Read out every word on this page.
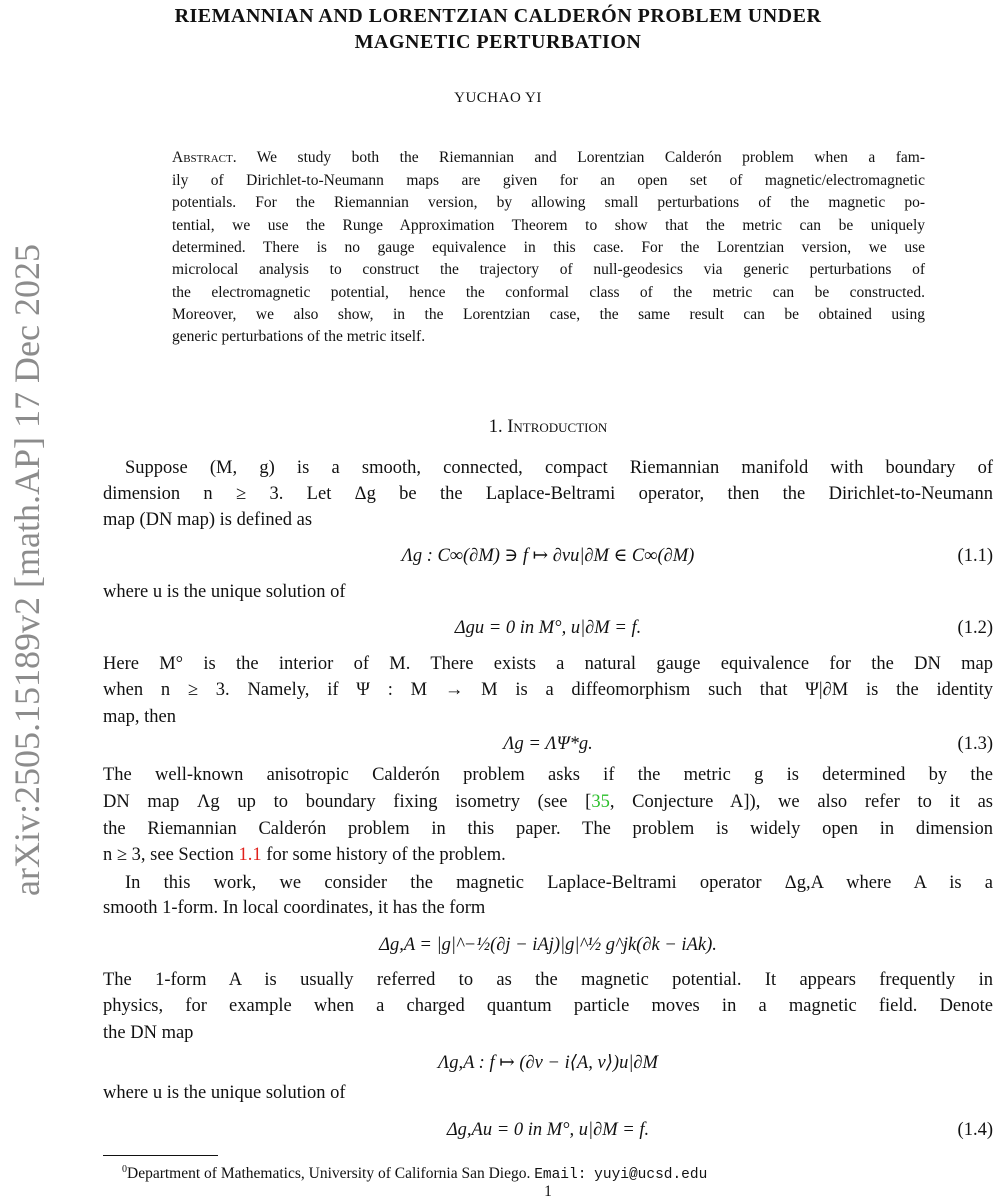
arXiv:2505.15189v2 [math.AP] 17 Dec 2025
RIEMANNIAN AND LORENTZIAN CALDERÓN PROBLEM UNDER
MAGNETIC PERTURBATION
YUCHAO YI
Abstract. We study both the Riemannian and Lorentzian Calderón problem when a fam-
ily of Dirichlet-to-Neumann maps are given for an open set of magnetic/electromagnetic
potentials. For the Riemannian version, by allowing small perturbations of the magnetic po-
tential, we use the Runge Approximation Theorem to show that the metric can be uniquely
determined. There is no gauge equivalence in this case. For the Lorentzian version, we use
microlocal analysis to construct the trajectory of null-geodesics via generic perturbations of
the electromagnetic potential, hence the conformal class of the metric can be constructed.
Moreover, we also show, in the Lorentzian case, the same result can be obtained using
generic perturbations of the metric itself.
1. Introduction
Suppose (M, g) is a smooth, connected, compact Riemannian manifold with boundary of
dimension n ≥ 3. Let Δg be the Laplace-Beltrami operator, then the Dirichlet-to-Neumann
map (DN map) is defined as
Λg : C∞(∂M) ∋ f ↦ ∂νu|∂M ∈ C∞(∂M)	(1.1)
where u is the unique solution of
Δgu = 0 in M°, u|∂M = f.	(1.2)
Here M° is the interior of M. There exists a natural gauge equivalence for the DN map
when n ≥ 3. Namely, if Ψ : M → M is a diffeomorphism such that Ψ|∂M is the identity
map, then
Λg = ΛΨ*g.	(1.3)
The well-known anisotropic Calderón problem asks if the metric g is determined by the
DN map Λg up to boundary fixing isometry (see [35, Conjecture A]), we also refer to it as
the Riemannian Calderón problem in this paper. The problem is widely open in dimension
n ≥ 3, see Section 1.1 for some history of the problem.
In this work, we consider the magnetic Laplace-Beltrami operator Δg,A where A is a
smooth 1-form. In local coordinates, it has the form
Δg,A = |g|^−½(∂j − iAj)|g|^½ g^jk(∂k − iAk).
The 1-form A is usually referred to as the magnetic potential. It appears frequently in
physics, for example when a charged quantum particle moves in a magnetic field. Denote
the DN map
Λg,A : f ↦ (∂ν − i⟨A, ν⟩)u|∂M
where u is the unique solution of
Δg,Au = 0 in M°, u|∂M = f.	(1.4)
$^0$Department of Mathematics, University of California San Diego. Email: yuyi@ucsd.edu
1
